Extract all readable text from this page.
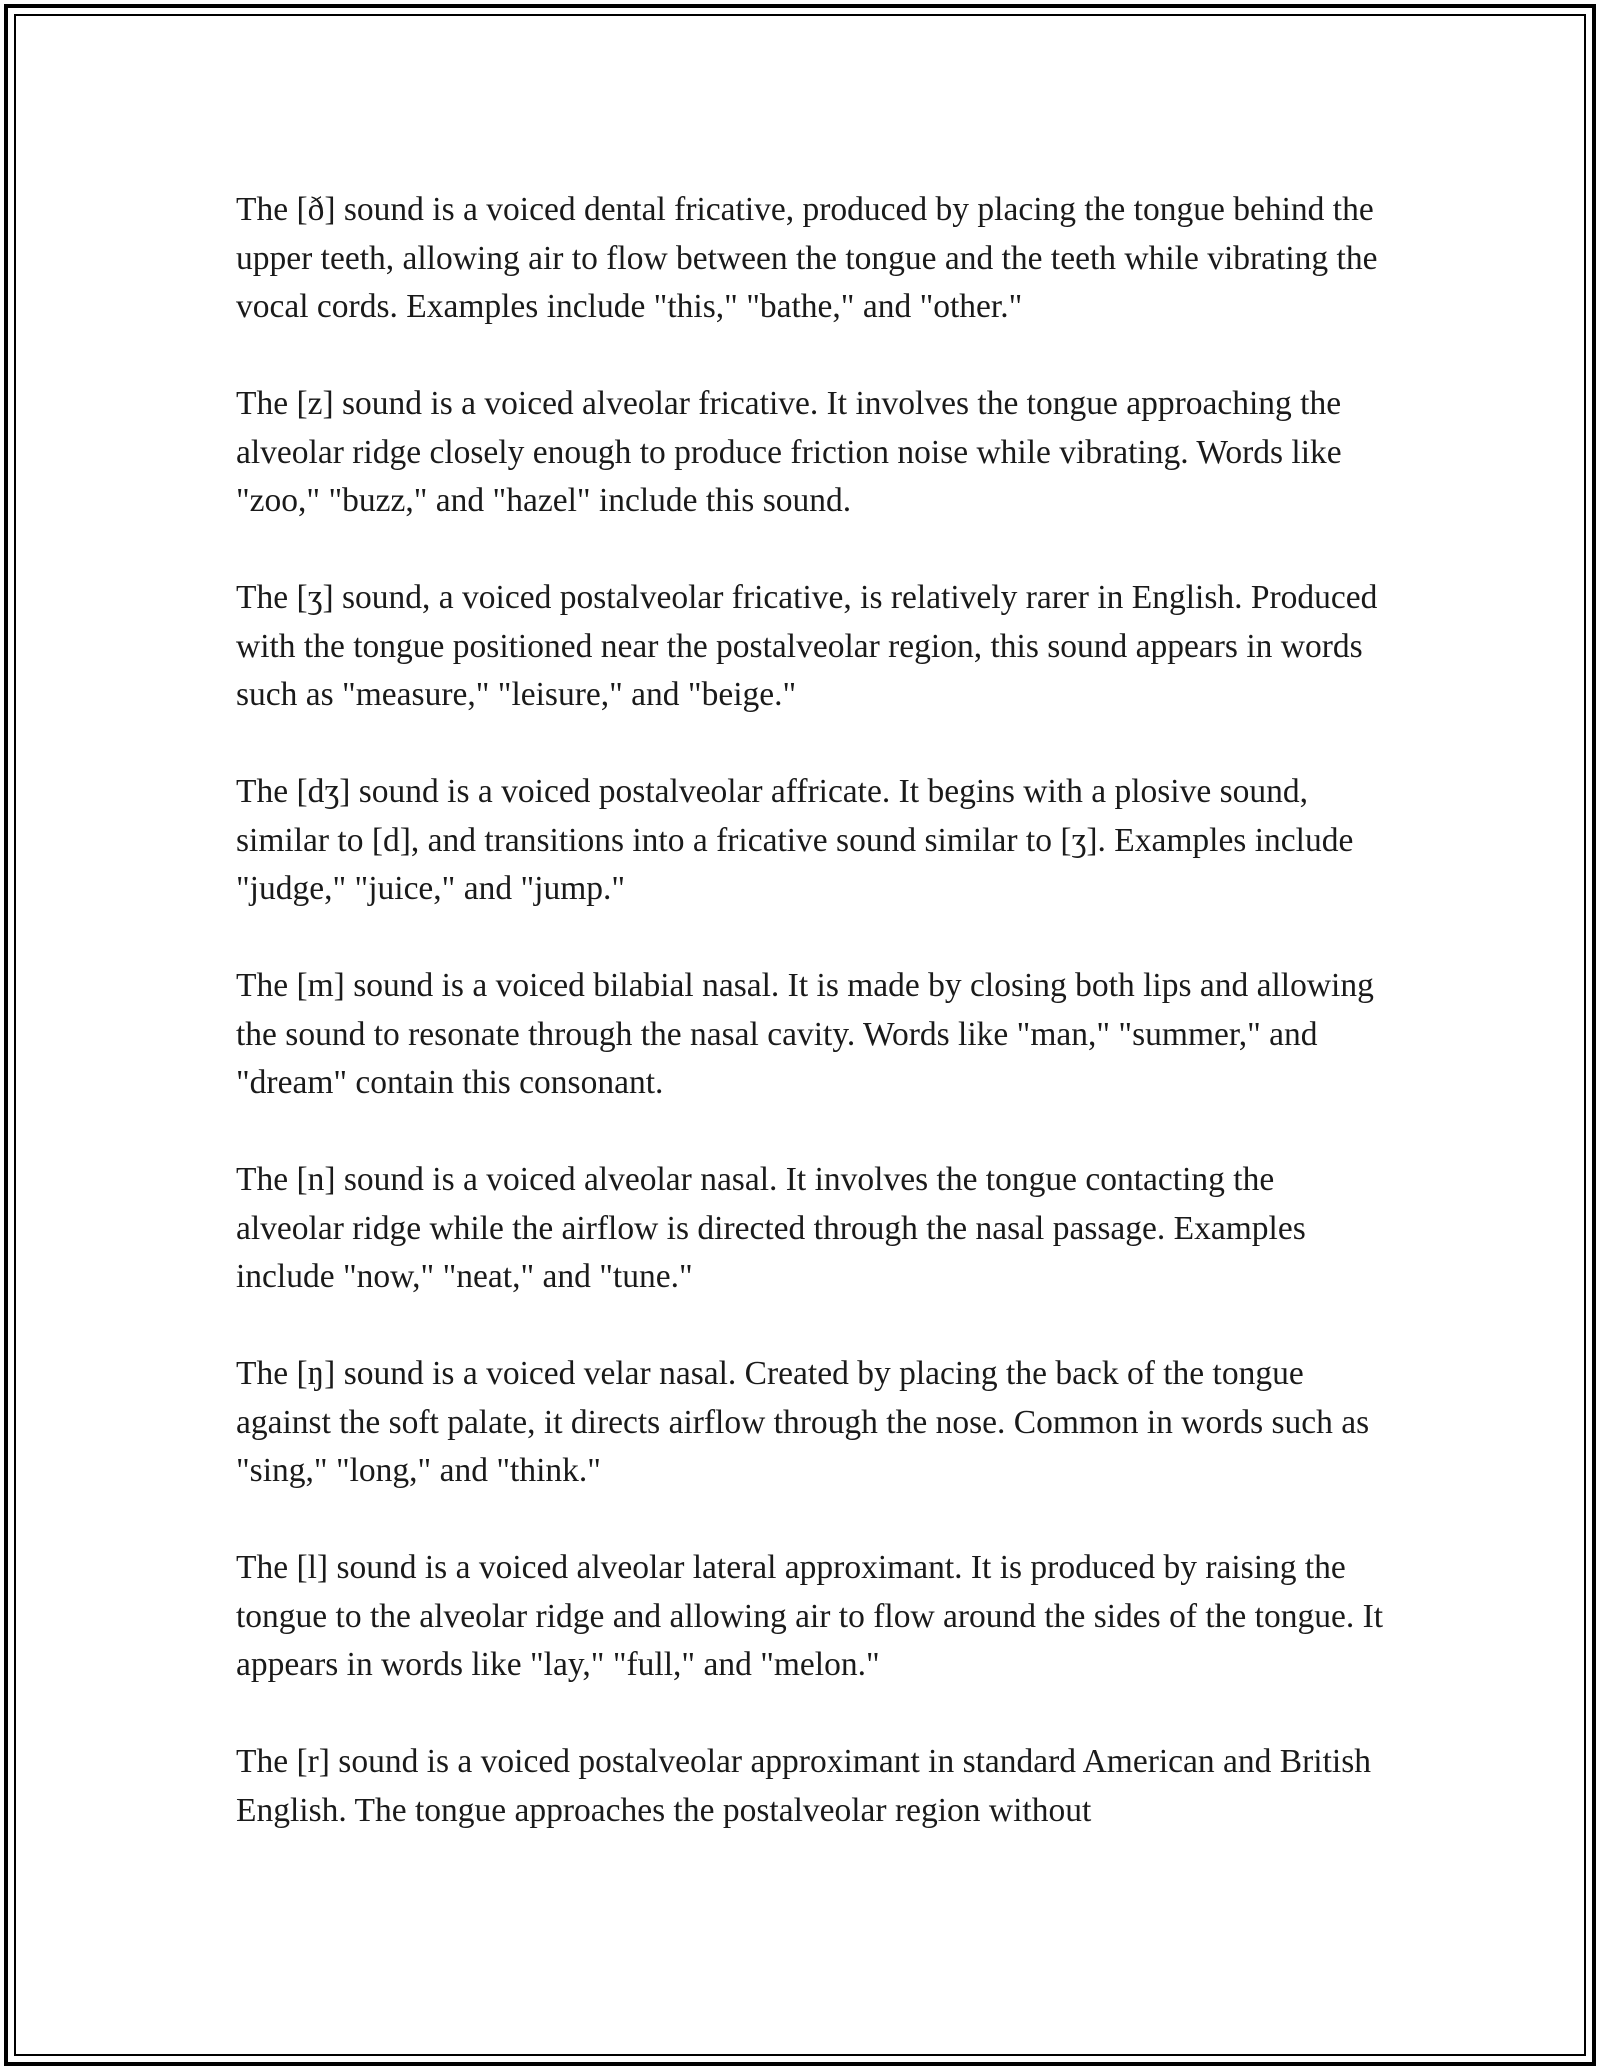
The [ð] sound is a voiced dental fricative, produced by placing the tongue behind the upper teeth, allowing air to flow between the tongue and the teeth while vibrating the vocal cords. Examples include "this," "bathe," and "other."

The [z] sound is a voiced alveolar fricative. It involves the tongue approaching the alveolar ridge closely enough to produce friction noise while vibrating. Words like "zoo," "buzz," and "hazel" include this sound.

The [ʒ] sound, a voiced postalveolar fricative, is relatively rarer in English. Produced with the tongue positioned near the postalveolar region, this sound appears in words such as "measure," "leisure," and "beige."

The [dʒ] sound is a voiced postalveolar affricate. It begins with a plosive sound, similar to [d], and transitions into a fricative sound similar to [ʒ]. Examples include "judge," "juice," and "jump."

The [m] sound is a voiced bilabial nasal. It is made by closing both lips and allowing the sound to resonate through the nasal cavity. Words like "man," "summer," and "dream" contain this consonant.

The [n] sound is a voiced alveolar nasal. It involves the tongue contacting the alveolar ridge while the airflow is directed through the nasal passage. Examples include "now," "neat," and "tune."

The [ŋ] sound is a voiced velar nasal. Created by placing the back of the tongue against the soft palate, it directs airflow through the nose. Common in words such as "sing," "long," and "think."

The [l] sound is a voiced alveolar lateral approximant. It is produced by raising the tongue to the alveolar ridge and allowing air to flow around the sides of the tongue. It appears in words like "lay," "full," and "melon."

The [r] sound is a voiced postalveolar approximant in standard American and British English. The tongue approaches the postalveolar region without
